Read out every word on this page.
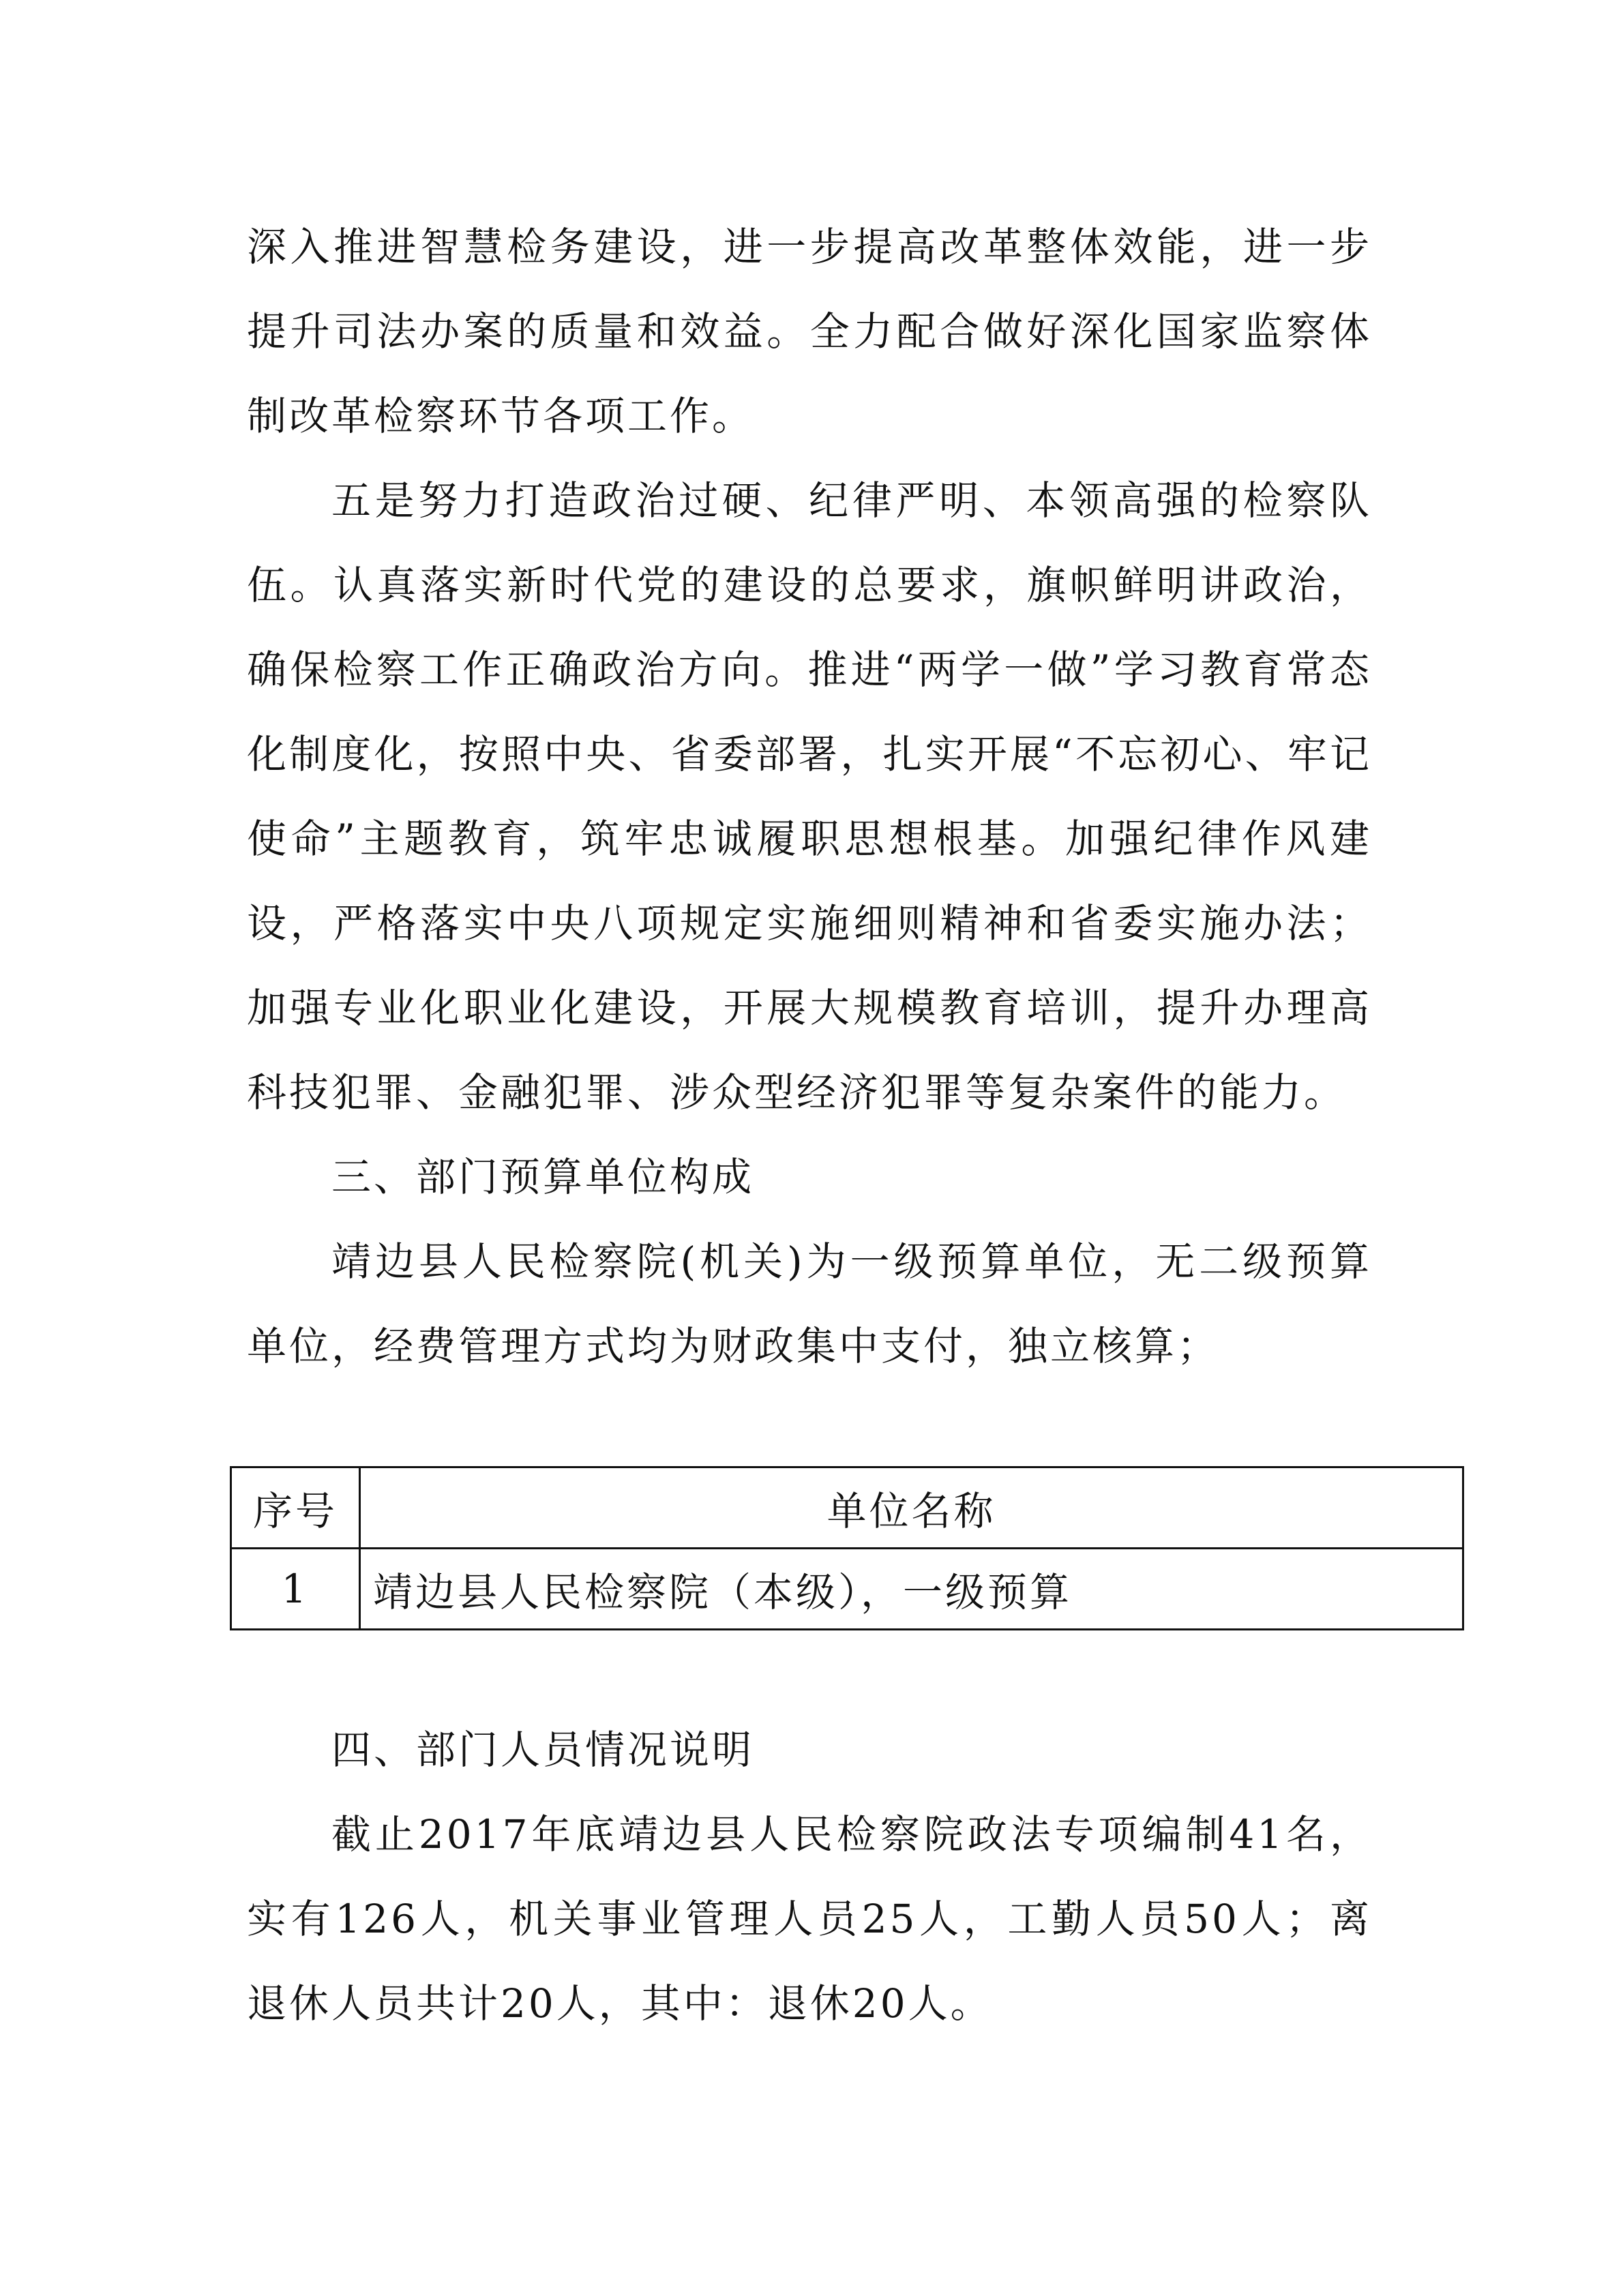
深入推进智慧检务建设，进一步提高改革整体效能，进一步提升司法办案的质量和效益。全力配合做好深化国家监察体制改革检察环节各项工作。

五是努力打造政治过硬、纪律严明、本领高强的检察队伍。认真落实新时代党的建设的总要求，旗帜鲜明讲政治，确保检察工作正确政治方向。推进“两学一做”学习教育常态化制度化，按照中央、省委部署，扎实开展“不忘初心、牢记使命”主题教育，筑牢忠诚履职思想根基。加强纪律作风建设，严格落实中央八项规定实施细则精神和省委实施办法；加强专业化职业化建设，开展大规模教育培训，提升办理高科技犯罪、金融犯罪、涉众型经济犯罪等复杂案件的能力。

三、部门预算单位构成

靖边县人民检察院(机关)为一级预算单位，无二级预算单位，经费管理方式均为财政集中支付，独立核算；

序号	单位名称
1	靖边县人民检察院（本级），一级预算

四、部门人员情况说明

截止2017年底靖边县人民检察院政法专项编制41名，实有126人，机关事业管理人员25人，工勤人员50人；离退休人员共计20人，其中：退休20人。
